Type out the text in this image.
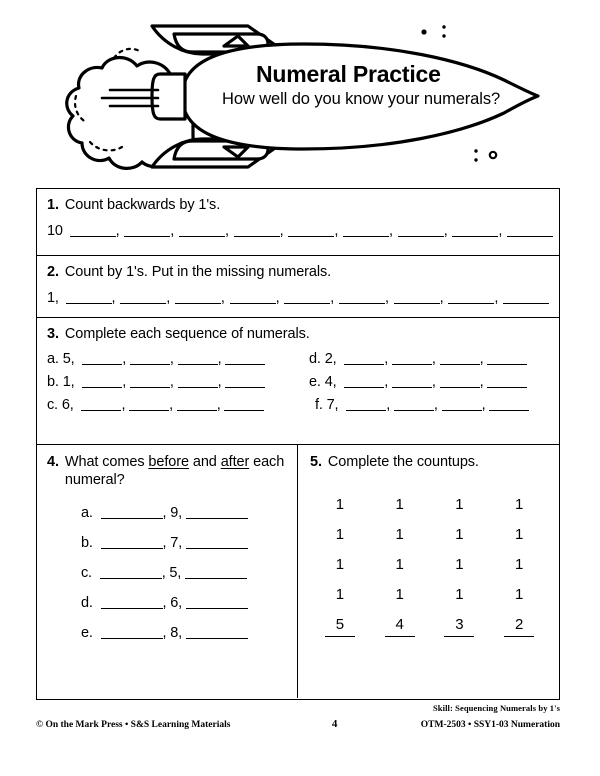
Numeral Practice

How well do you know your numerals?

1. Count backwards by 1's.
10	,	,	,	,	,	,	,	,
2. Count by 1's. Put in the missing numerals.
1,	,	,	,	,	,	,	,	,
3. Complete each sequence of numerals.
a. 5,	,	,	,	d. 2,	,	,	,
b. 1,	,	,	,	e. 4,	,	,	,
c. 6,	,	,	,	f. 7,	,	,	,
4. What comes before and after each numeral?
a.	, 9,
b.	, 7,
c.	, 5,
d.	, 6,
e.	, 8,
5. Complete the countups.
1	1	1	1
1	1	1	1
1	1	1	1
1	1	1	1
5	4	3	2
Skill: Sequencing Numerals by 1's
© On the Mark Press • S&S Learning Materials	4	OTM-2503 • SSY1-03 Numeration
